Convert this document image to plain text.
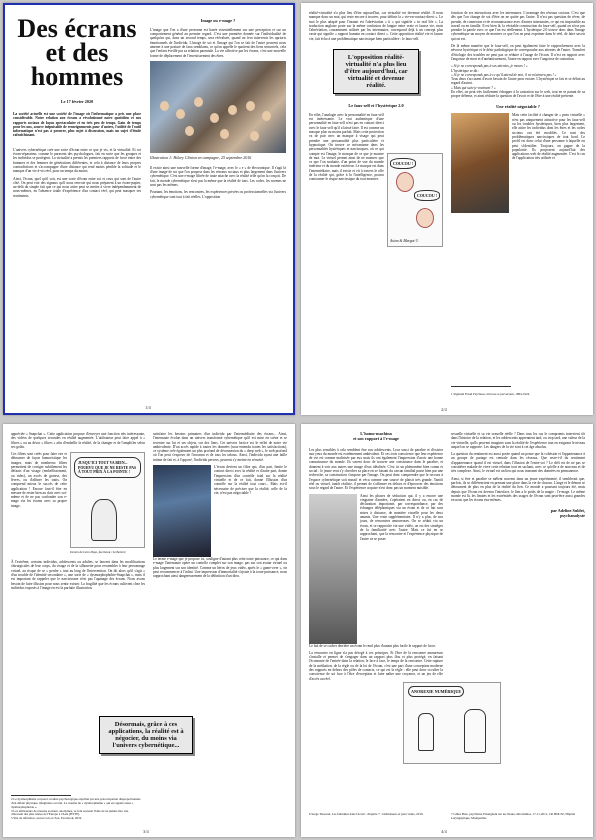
Des écrans et des hommes
Le 17 février 2020

La société actuelle est une société de l'image où l'informatique a pris une place considérable. Notre relation aux écrans a révolutionné notre quotidien et nos rapports sociaux de façon spectaculaire et en très peu de temps. Gain de temps pour les uns, source inépuisable de renseignements pour d'autres, l'utilité de l'outil informatique n'est pas à prouver, plus sujet à discussion, mais un sujet d'étude rafraîchissant.

L'univers cybernétique crée une sorte d'écran entre ce que je vis, et la virtualité. Et cet écran-réparateur, comme le paravent des psychologues, fait en sorte que les groupes et les individus se protègent. La virtualité a permis les premiers rapports de force entre des hommes et des femmes de générations différentes, et cela à distance de leurs propres contradictions et s'accompagne d'une distance qui rend moins pénible la solitude et le manque d'un vis-à-vis réel, pour un temps du moins.

Ainsi, l'écran, quel qu'il soit, est une sorte d'écran entre soi et ceux qui sont de l'autre côté. On peut voir des signaux qu'il nous renvoie qui nous préparent à un écran-papier, au-delà du simple fait que ce qui nous attire peut se mettre à vivre indépendamment de nous-mêmes, en l'absence totale d'expérience d'un contact réel, qui peut masquer ses sentiments.

Image ou e-mage ?

L'image que l'on a d'une personne est basée essentiellement sur une perception et sur un comportement général au premier regard. C'est une première donnée sur l'individualité de quelqu'un qui, dans un second temps, sera réévaluée, quand on fera intervenir les aprioris émotionnels de l'individu. L'image de soi et l'image qui l'on se fait de l'autre peuvent nous amener à une posture de faux semblants, ce qu'on appelle le quotient des liens sensoriels, cela que l'enfant éveillé par sa relation parentale. La vie affective par les écrans, c'est une nouvelle forme de déplacement de l'investissement des êtres.

Illustration 1: Hilary Clinton en campagne, 25 septembre 2016

Il existe ainsi une nouvelle forme d'image, l'e-mage, avec le « e » de électronique. Il s'agit là d'une image de soi que l'on propose dans les réseaux sociaux et plus largement dans l'univers cybernétique. C'est une e-mage filtrée de toute attache avec la réalité telle qu'on la conçoit. De fait, le monde cybernétique n'est pas la même que la réalité de tous. Les codes, les normes ne sont pas les mêmes.

Pourtant, les émotions, les rencontres, les expériences privées ou professionnelles via l'univers cybernétique sont tout à fait réelles. L'opposition

1/4

réalité-virtualité n'a plus lieu d'être aujourd'hui, car virtualité est devenue réalité. Il nous manque donc un mot, qui reste encore à trouver, pour définir la « vie-en-contact-direct ». Le mot le plus adapté pour l'instant est l'abréviation « ii » qui signifie « in real life ». La traduction anglaise porte sur la même confusion de langue entre vraie et fausse vie, mais l'abréviation, couramment utilisée par les internautes, correspond déjà à un concept plus vaste qui signifie « rapport humain en contact direct ». Cette opposition réalité vie et fausse vie, fait écho à une problématique narcissique bien particulière : le faux-self.

L'opposition réalité-virtualité n'a plus lieu d'être aujourd'hui, car virtualité et devenue réalité.
Le faux-self et l'hystérique 2.0

En effet, l'analogie avec la personnalité en faux-self est intéressante. Le vrai authentique d'une personnalité en faux-self n'est pas en contact direct avec le faux-self qu'il a laissé faire. Il est comme un masque plus ou moins parfait. Mais cette protection va de pair avec un masque à visage qui peut prendre une personnalité plus particulière et hypnotique. On trouve ce mécanisme dans les personnalités hystériques et narcissiques, où ce qui compte est l'image, le masque de ce que je montre de moi. Le virtuel permet ainsi de ne montrer que ce que l'on souhaite, d'un point de vue du monde intérieur et du monde extérieur. Le masque est dans l'intermédiaire, mais il existe et vit à travers le rôle de la réalité qui, grâce à la l'intelligence, pourra contourner le risque narcissique du tout montrer.

COUCOU !
COUCOU !
Aston & Margot ©

fonction de ses interactions avec les internautes. L'avantage des réseaux sociaux. C'est que dès que l'on change de soi d'être on ne quitte pas l'autre. Il n'est pas question de rêver, de pseudo, de connexion et de reconnaissance avec d'autres internautes, ce qui est impossible au travail ou en famille. Il est bien là, la véritable construction du faux-self, quand on n'ose pas prendre la parole avec ce que l'on est réellement. L'hystérique 2.0 trouve donc dans l'image cybernétique un moyen de montrer ce que l'on ne peut exprimer dans le réel, de faire savoir qui on est.

De là même manière que le faux-self, on peut également faire le rapprochement avec la névrose hystérique et le désir pathologique de correspondre aux attentes de l'autre. Transfert d'étiologie des troubles ne peut pas se réduire à l'usage de l'écran. Il n'est en rapport avec l'angoisse de mort et d'anéantissement, l'autre en rapport avec l'angoisse de castration.

« Si je ne corresponds pas à ses attentes, je meurs ! »

L'hystérique se dit :

« Si je ne corresponds pas à ce qu'il attend de moi, il ne m'aimera pas ! »

Tous deux s'accusent d'avoir besoin de l'autre pour exister. L'hystérique se fait et se défait au regard d'autrui.

« Mais qui suis-je vraiment ? »

En effet, on peut très facilement échapper à la castration sur le web, tout en se parant de sa propre défense, et ainsi réduire la question de l'avoir et de l'être à une réalité présente.

Une réalité négociable ?

Mais cette facilité à changer de « peau virtuelle » n'est pas uniquement attractive pour les faux-self ou les troubles hystériques, bien plus largement, elle attire les individus dont les êtres et les codes sociaux ont été modifiés. Ce sont des problématiques narcissiques de tout bord. Le profil est donc celui d'une personne à laquelle on peut s'identifier. Toujours, on gagne de la popularité. Ils proposent aujourd'hui des applications web de réalité augmentée. C'est le cas de l'application très utilisée et

1 Signund Freud Psychose, névrose et perversion, 1894-1924.
2/4

appréciée « Snapchat ». Cette application propose d'envoyer une fonction très intéressante, des vidéos de quelques secondes en réalité augmentée. L'utilisateur peut faire appel à « filtres » ou au décor « filtres » afin d'embellir la réalité, de la changer et de l'amplifier selon ses goûts.

Ces filtres sont créés pour faire rire et détourner de façon humoristique les images, mais de nombreux filtres permettent de corriger subtilement les défauts d'un visage (embellissement, ou rides), un excès de graisse, des lèvres, ou d'affiner les traits. On comprend mieux le succès de cette application ! Encore faut-il être en mesure de rester bien au clair avec soi-même et de ne pas confondre son e-mage via les écrans avec sa propre image.

JUSQU'ICI TOUT VA BIEN... POURVU QUE JE NE RESTE PAS À TOUT PRIX À LA POINTE !
Dessin de Léon Papo, facebook / LeiSolerie

À l'extrême, certains individus, adolescents ou adultes, se lancent dans les modifications chirurgicales de leur corps, du visage et de la silhouette pour ressembler à leur personnage virtuel, au risque de se « perdre » tout au long de l'intervention. On dit alors qu'il s'agit « d'un trouble de l'identité secondaire », une sorte de « dysmorphophobie-Snapchat », mais il est important de rappeler que le narcissisme n'est pas l'apanage des écrans. Nous avons besoin de faire illusion pour nous sentir exister. La fragilité que les écrans cultivent chez les individus exposés à l'image en est la parfaite illustration.

satisfaire les besoins primaires d'un individu par l'intermédiaire des écrans... Ainsi, l'internaute évolue dans un univers transformé cybernétique qu'il est mise en scène et se recentre sur lui et ses objets, sur des liens. Cet univers factice est le reflet de notre vie ambivalente. D'un accès rapide à toutes les données (sous-entendu toutes les satisfactions), ce système crée également un plus profond de déconnexion du « deep web », le web profond où l'on peut s'exposer de l'inconnu et de tous les tabous. Ainsi, l'individu ayant une faille intime de fait et, à l'opposé, l'individu pervers, peuvent s'y mettre en sécurité.

L'écran devient un filtre qui, d'un part, limite le contact direct avec la réalité et d'autre part, donne l'impression d'un contrôle total sur la réalité virtuelle et de ce fait, donne l'illusion d'un contrôle sur la réalité tout court... Mais est-il nécessaire de préciser que la réalité, celle de la vie, n'est pas négociable ?

Le terme e-mage que je propose ici, souligne d'autant plus cette toute puissance, ce qui dans e-mage l'internaute opère un contrôle complet sur son image, pas sur son avatar virtuel ou plus largement sur son identité. Comme un héros de jeux vidéo, après le « game-over », on peut recommencer à l'infini. Une impression d'immortalité s'ajoute à la toute puissance, nous rapprochant ainsi dangereusement de la définition d'un dieu.

Désormais, grâce à ces applications, la réalité est à négocier, du moins via l'univers cybernétique...
2 Le dysmorphisme corporel, trouble psychologique exprimé par une préoccupation disproportionnée d'un défaut physique, imaginaire ou réel. Le trouble du « dysmorphisme » qui est appelé aussi « dysmorphophobie ».
3 Les utilisateurs de réseaux sociaux, anonymes, se font souvent l'idée de ne jamais être vus.
4 Recueil des plus tristes de l'Europe à l'Asie (HTTP).
5 Site de référence, source Léo et Zoé, Facebook, 2019.
3/4
L'homo-machina
et son rapport à l'e-mage

Les plus sensibles à cela semblent être nos adolescents. Leur souci de paraître et d'exister aux yeux du monde est extrêmement ambivalent. Et ces trois conscience que leur expérience de vie est comme maîtrisée par eux mais ils ont également l'impression d'avoir une bonne connaissance du monde. Ils savent donc de trouver une consistance dans le paraître, et donnent à voir aux autres une image d'eux idéalisée. C'est ici un phénomène bien connu et social : le jeune veut s'y chercher sa place en se faisant du carcan familial passe bien par une recherche, sa construction s'impose par l'image. On peut donc comprendre que le recours à l'espace cybernétique soit massif et vécu comme une source de plaisir très grande. Tantôt réel ou virtuel, tantôt réaliste, il permet de s'affirmer en dehors et d'éprouver des émotions sous le regard de l'autre. Et l'expérience acquise n'est donc pas un moment nuisible.

Ainsi les phases de séduction qui, il y a encore une vingtaine d'années, s'opéraient en direct ou, en cas de déclaration importante, par correspondance, par des échanges téléphoniques via un écran et de ce fait sont mises à distance, de manière visuelle pour les deux amants. Une vraie supplémentaire. Il n'y a plus, de nos jours, de rencontres amoureuses. On se séduit via un écran, et se rapproche via une vidéo, on est des stratèges de la familiarité avec l'autre. Mais ce fut en se rapprochant, que la rencontre et l'expérience physique de l'autre va se poser.

Le fait de se cacher derrière un écran le rend plus d'autant plus facile le rapport de force.

La rencontre en ligne n'a pas dérogé à ces principes. Et l'être de la rencontre amoureuse s'installe et permet de s'engager dans un rapport plus flou et plus protégé, en faisant l'économie de l'entrée dans la relation, le face à face, le temps de la rencontre. Cette rupture de la médiation, de la règle ou de la loi de l'écran, c'est une part d'une conception moderne des rapports en dehors des pôles de contacts, ce qui est la règle : elle peut donc occulter la conscience de soi face à l'être d'exception et faire naître une croyance, et un jeu de rôle d'accès au réel.

sexuelle virtuelle et sa vie sexuelle réelle ? Dans tous les cas le compromis intervient tôt dans l'histoire de la relation, et les adolescents apprennent tard, ou trop tard, une valeur de la vie virtuelle, qu'ils peuvent imaginer sans la réalité de l'expérience tout en exigeant le niveau auquel on se rapporte. Les dangers de la vie sont à cet âge absolus.

La question du sentiment est aussi posée quand on pense que la cohésion et l'appartenance à un groupe de partage est centrale dans les réseaux. Que reste-t-il du sentiment d'appartenance quand il est virtuel, dans l'illusion de l'entre-soi ? Le défi est de ne pas se considérer malade de vivre cette relation tout en sachant, avec ce qu'elle a de nouveau et de très complexe. Ainsi, le virtuel est un lieu qui nous transmet des données en permanence.

Ainsi, si être et paraître se mêlent souvent dans un jeune expérimenté, il semblerait que, parfois, ils se différencient en prenant une place dans la vie de chacun. L'ange et le démon se détournent de plus en plus de la réalité du lien. Ce monde a pourtant toujours été, mais depuis que l'écran est devenu l'interface, le lien a le poids de la magie : l'e-mage. Le même monde est là, les limites et les extrémités des usages de l'écran sont peut-être aussi grandes en nous que les écrans eux-mêmes.

par Adeline Sublet,
psychanalyste
ANOREXIE NUMÉRIQUE
6 Serge Tisseron, Les fantômes dans l'écran : chapitre 7 : Ordinateurs et jeux vidéo, 2016.	7 Gilles Bois, psychiatre Enseignant sur les Neuro-dits intimes, 17-11-2011, CR HOLTZ, Hôpital Laryngeptique, Montpellier.
4/4
